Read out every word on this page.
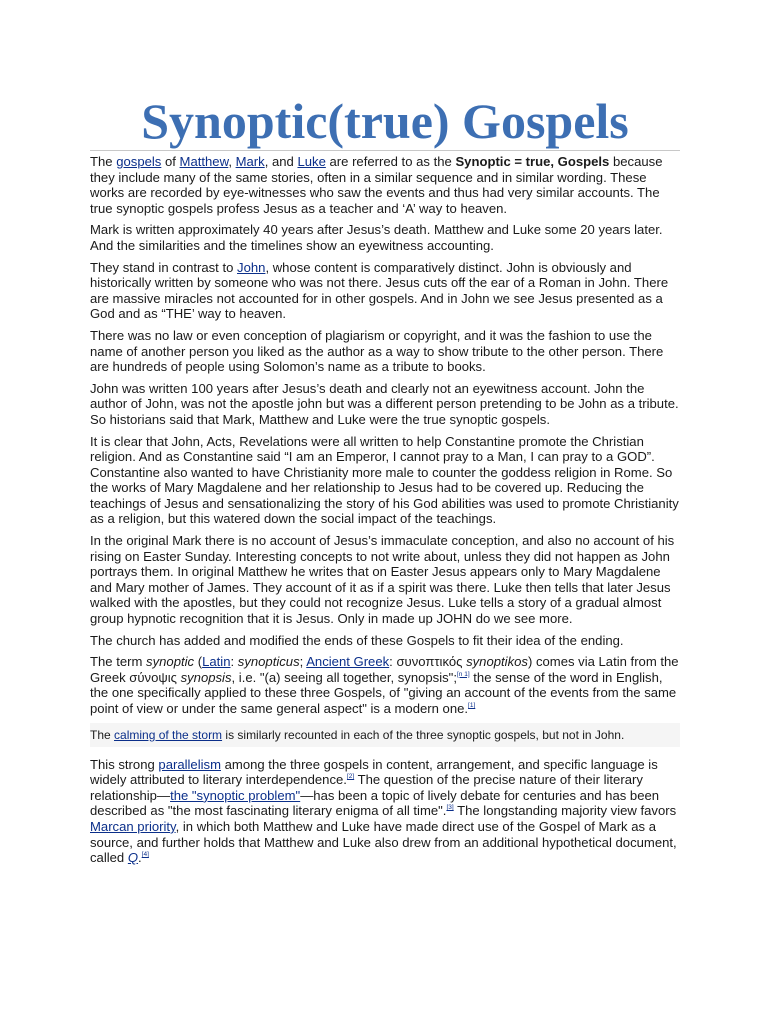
Synoptic(true) Gospels

The gospels of Matthew, Mark, and Luke are referred to as the Synoptic = true, Gospels because they include many of the same stories, often in a similar sequence and in similar wording. These works are recorded by eye-witnesses who saw the events and thus had very similar accounts. The true synoptic gospels profess Jesus as a teacher and ‘A’ way to heaven.

Mark is written approximately 40 years after Jesus’s death. Matthew and Luke some 20 years later. And the similarities and the timelines show an eyewitness accounting.

They stand in contrast to John, whose content is comparatively distinct. John is obviously and historically written by someone who was not there. Jesus cuts off the ear of a Roman in John. There are massive miracles not accounted for in other gospels. And in John we see Jesus presented as a God and as “THE’ way to heaven.

There was no law or even conception of plagiarism or copyright, and it was the fashion to use the name of another person you liked as the author as a way to show tribute to the other person. There are hundreds of people using Solomon’s name as a tribute to books.

John was written 100 years after Jesus’s death and clearly not an eyewitness account. John the author of John, was not the apostle john but was a different person pretending to be John as a tribute. So historians said that Mark, Matthew and Luke were the true synoptic gospels.

It is clear that John, Acts, Revelations were all written to help Constantine promote the Christian religion. And as Constantine said “I am an Emperor, I cannot pray to a Man, I can pray to a GOD”. Constantine also wanted to have Christianity more male to counter the goddess religion in Rome. So the works of Mary Magdalene and her relationship to Jesus had to be covered up. Reducing the teachings of Jesus and sensationalizing the story of his God abilities was used to promote Christianity as a religion, but this watered down the social impact of the teachings.

In the original Mark there is no account of Jesus’s immaculate conception, and also no account of his rising on Easter Sunday. Interesting concepts to not write about, unless they did not happen as John portrays them. In original Matthew he writes that on Easter Jesus appears only to Mary Magdalene and Mary mother of James. They account of it as if a spirit was there. Luke then tells that later Jesus walked with the apostles, but they could not recognize Jesus. Luke tells a story of a gradual almost group hypnotic recognition that it is Jesus. Only in made up JOHN do we see more.

The church has added and modified the ends of these Gospels to fit their idea of the ending.

The term synoptic (Latin: synopticus; Ancient Greek: συνοπτικός synoptikos) comes via Latin from the Greek σύνοψις synopsis, i.e. "(a) seeing all together, synopsis";[n 1] the sense of the word in English, the one specifically applied to these three Gospels, of "giving an account of the events from the same point of view or under the same general aspect" is a modern one.[1]

The calming of the storm is similarly recounted in each of the three synoptic gospels, but not in John.

This strong parallelism among the three gospels in content, arrangement, and specific language is widely attributed to literary interdependence.[2] The question of the precise nature of their literary relationship—the "synoptic problem"—has been a topic of lively debate for centuries and has been described as "the most fascinating literary enigma of all time".[3] The longstanding majority view favors Marcan priority, in which both Matthew and Luke have made direct use of the Gospel of Mark as a source, and further holds that Matthew and Luke also drew from an additional hypothetical document, called Q.[4]
